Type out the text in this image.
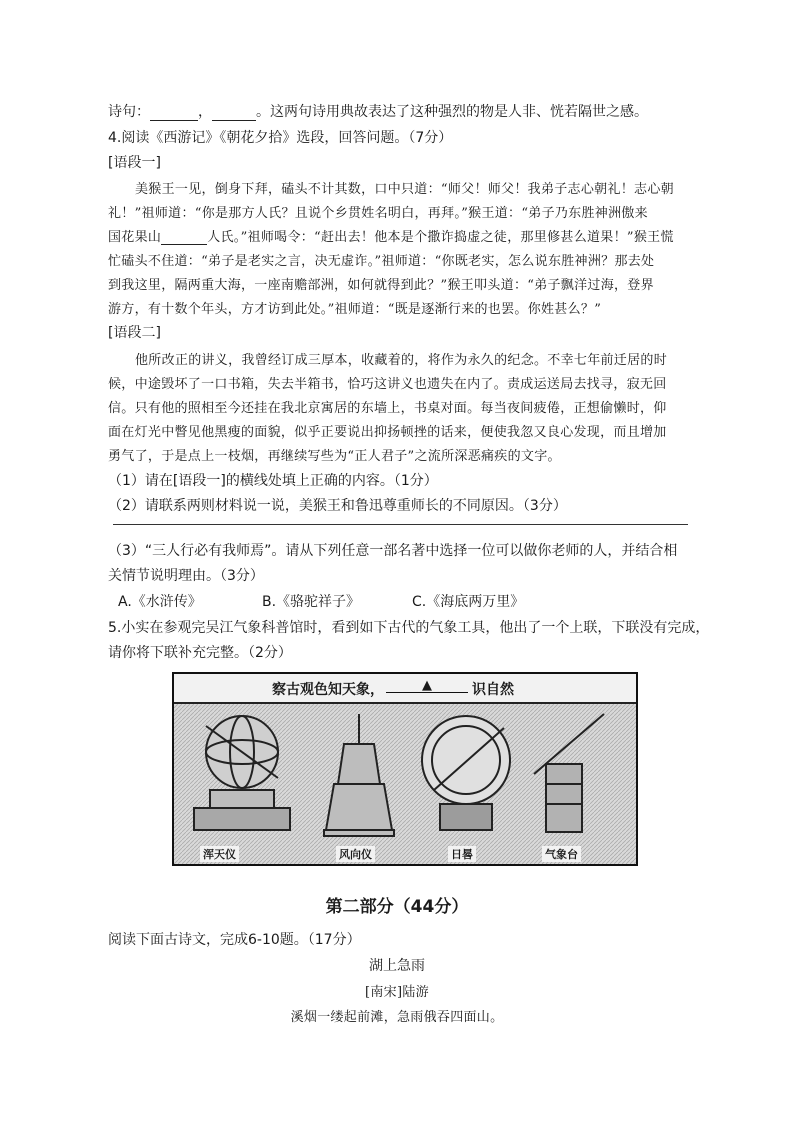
诗句：	，	。这两句诗用典故表达了这种强烈的物是人非、恍若隔世之感。
4.阅读《西游记》《朝花夕拾》选段，回答问题。（7分）
[语段一]
美猴王一见，倒身下拜，磕头不计其数，口中只道：“师父！师父！我弟子志心朝礼！志心朝
礼！”祖师道：“你是那方人氏？且说个乡贯姓名明白，再拜。”猴王道：“弟子乃东胜神洲傲来
国花果山	人氏。”祖师喝令：“赶出去！他本是个撒诈捣虚之徒，那里修甚么道果！”猴王慌
忙磕头不住道：“弟子是老实之言，决无虚诈。”祖师道：“你既老实，怎么说东胜神洲？那去处
到我这里，隔两重大海，一座南赡部洲，如何就得到此？”猴王叩头道：“弟子飘洋过海，登界
游方，有十数个年头，方才访到此处。”祖师道：“既是逐渐行来的也罢。你姓甚么？”
[语段二]
他所改正的讲义，我曾经订成三厚本，收藏着的，将作为永久的纪念。不幸七年前迁居的时
候，中途毁坏了一口书箱，失去半箱书，恰巧这讲义也遗失在内了。责成运送局去找寻，寂无回
信。只有他的照相至今还挂在我北京寓居的东墙上，书桌对面。每当夜间疲倦，正想偷懒时，仰
面在灯光中瞥见他黑瘦的面貌，似乎正要说出抑扬顿挫的话来，便使我忽又良心发现，而且增加
勇气了，于是点上一枝烟，再继续写些为“正人君子”之流所深恶痛疾的文字。
（1）请在[语段一]的横线处填上正确的内容。（1分）
（2）请联系两则材料说一说，美猴王和鲁迅尊重师长的不同原因。（3分）
（3）“三人行必有我师焉”。请从下列任意一部名著中选择一位可以做你老师的人，并结合相
关情节说明理由。（3分）
A.《水浒传》	B.《骆驼祥子》	C.《海底两万里》
5.小实在参观完吴江气象科普馆时，看到如下古代的气象工具，他出了一个上联，下联没有完成，
请你将下联补充完整。（2分）
察古观色知天象，	▲	识自然
浑天仪	风向仪	日晷	气象台
第二部分（44分）
阅读下面古诗文，完成6-10题。（17分）
湖上急雨
[南宋]陆游
溪烟一缕起前滩，急雨俄吞四面山。
